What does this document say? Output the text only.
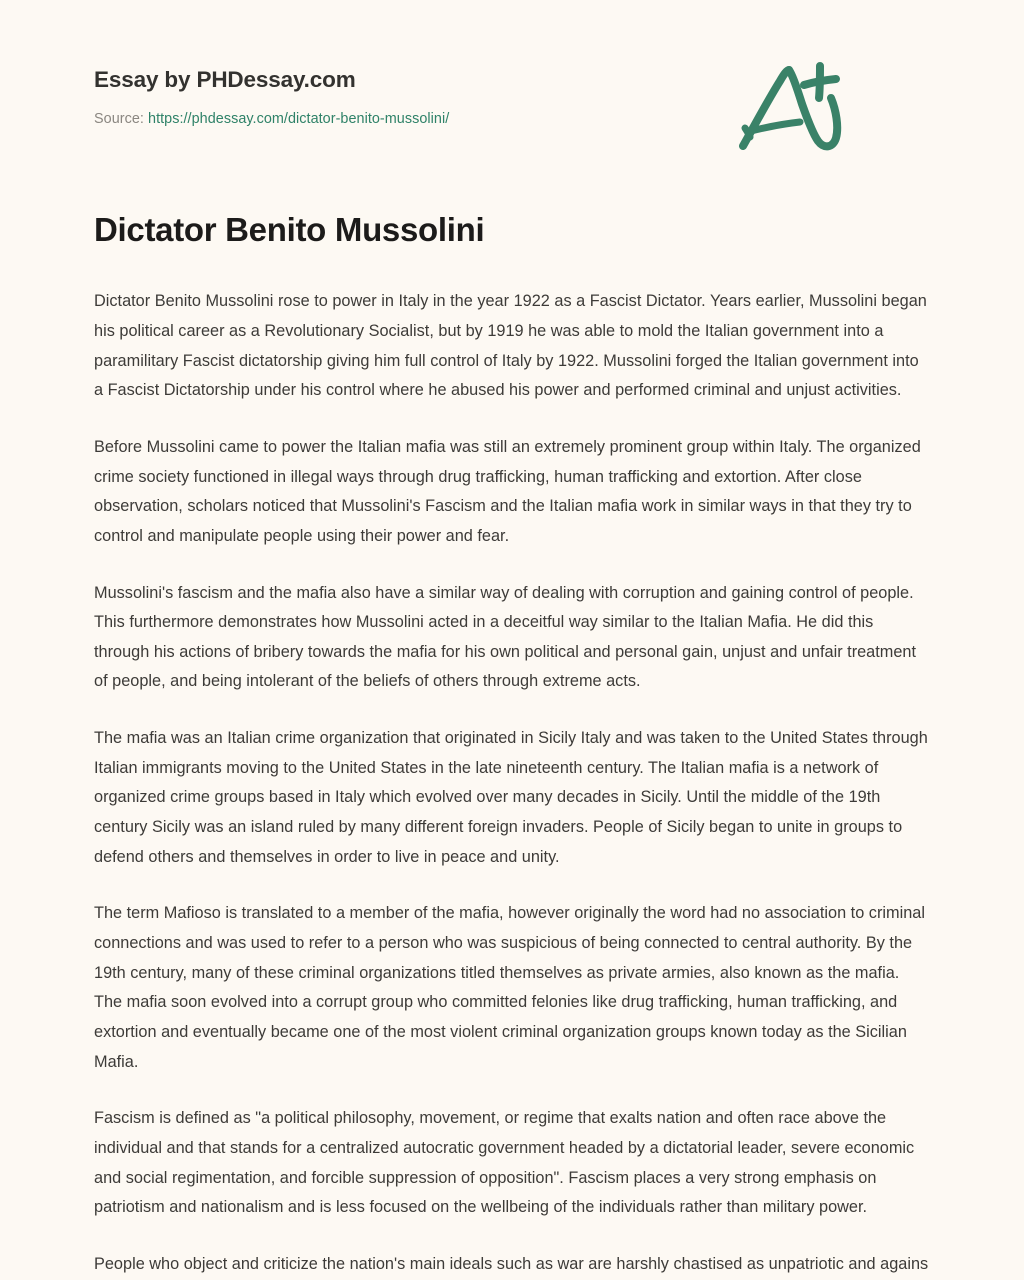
Essay by PHDessay.com
Source: https://phdessay.com/dictator-benito-mussolini/
Dictator Benito Mussolini

Dictator Benito Mussolini rose to power in Italy in the year 1922 as a Fascist Dictator. Years earlier, Mussolini began his political career as a Revolutionary Socialist, but by 1919 he was able to mold the Italian government into a paramilitary Fascist dictatorship giving him full control of Italy by 1922. Mussolini forged the Italian government into a Fascist Dictatorship under his control where he abused his power and performed criminal and unjust activities.

Before Mussolini came to power the Italian mafia was still an extremely prominent group within Italy. The organized crime society functioned in illegal ways through drug trafficking, human trafficking and extortion. After close observation, scholars noticed that Mussolini's Fascism and the Italian mafia work in similar ways in that they try to control and manipulate people using their power and fear.

Mussolini's fascism and the mafia also have a similar way of dealing with corruption and gaining control of people. This furthermore demonstrates how Mussolini acted in a deceitful way similar to the Italian Mafia. He did this through his actions of bribery towards the mafia for his own political and personal gain, unjust and unfair treatment of people, and being intolerant of the beliefs of others through extreme acts.

The mafia was an Italian crime organization that originated in Sicily Italy and was taken to the United States through Italian immigrants moving to the United States in the late nineteenth century. The Italian mafia is a network of organized crime groups based in Italy which evolved over many decades in Sicily. Until the middle of the 19th century Sicily was an island ruled by many different foreign invaders. People of Sicily began to unite in groups to defend others and themselves in order to live in peace and unity.

The term Mafioso is translated to a member of the mafia, however originally the word had no association to criminal connections and was used to refer to a person who was suspicious of being connected to central authority. By the 19th century, many of these criminal organizations titled themselves as private armies, also known as the mafia. The mafia soon evolved into a corrupt group who committed felonies like drug trafficking, human trafficking, and extortion and eventually became one of the most violent criminal organization groups known today as the Sicilian Mafia.

Fascism is defined as "a political philosophy, movement, or regime that exalts nation and often race above the individual and that stands for a centralized autocratic government headed by a dictatorial leader, severe economic and social regimentation, and forcible suppression of opposition". Fascism places a very strong emphasis on patriotism and nationalism and is less focused on the wellbeing of the individuals rather than military power.

People who object and criticize the nation's main ideals such as war are harshly chastised as unpatriotic and agains
